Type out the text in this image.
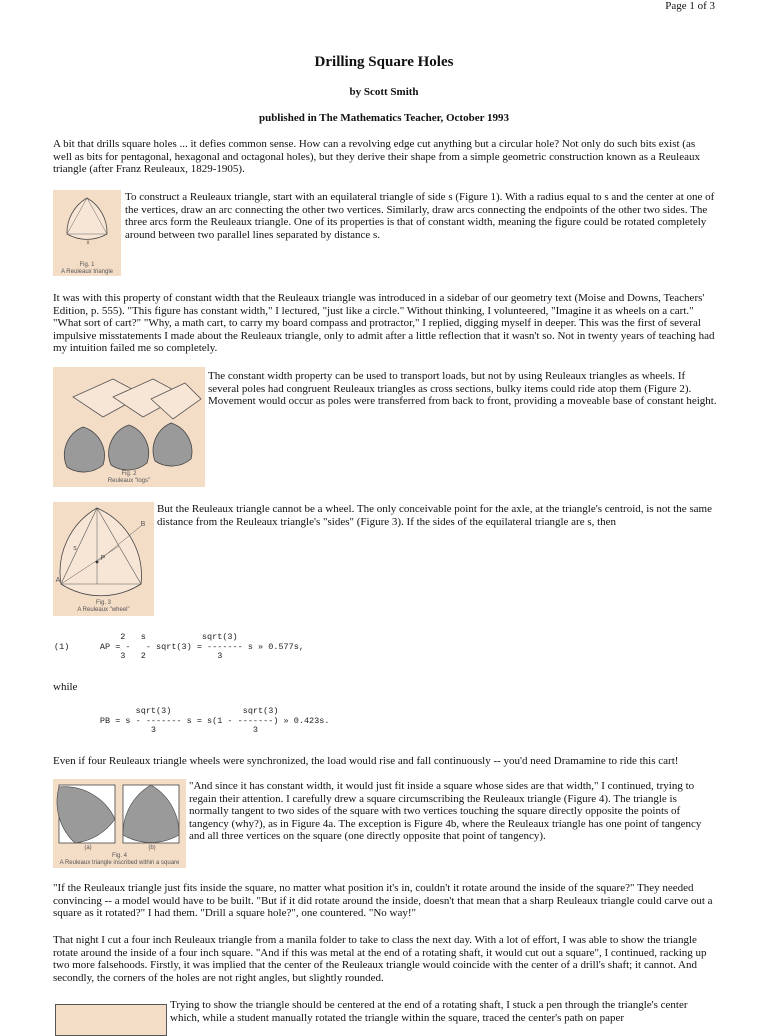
Page 1 of 3
Drilling Square Holes
by Scott Smith
published in The Mathematics Teacher, October 1993

A bit that drills square holes ... it defies common sense. How can a revolving edge cut anything but a circular hole? Not only do such bits exist (as well as bits for pentagonal, hexagonal and octagonal holes), but they derive their shape from a simple geometric construction known as a Reuleaux triangle (after Franz Reuleaux, 1829-1905).

x
Fig. 1
A Reuleaux triangle

To construct a Reuleaux triangle, start with an equilateral triangle of side s (Figure 1). With a radius equal to s and the center at one of the vertices, draw an arc connecting the other two vertices. Similarly, draw arcs connecting the endpoints of the other two sides. The three arcs form the Reuleaux triangle. One of its properties is that of constant width, meaning the figure could be rotated completely around between two parallel lines separated by distance s.

It was with this property of constant width that the Reuleaux triangle was introduced in a sidebar of our geometry text (Moise and Downs, Teachers' Edition, p. 555). "This figure has constant width," I lectured, "just like a circle." Without thinking, I volunteered, "Imagine it as wheels on a cart." "What sort of cart?" "Why, a math cart, to carry my board compass and protractor," I replied, digging myself in deeper. This was the first of several impulsive misstatements I made about the Reuleaux triangle, only to admit after a little reflection that it wasn't so. Not in twenty years of teaching had my intuition failed me so completely.

Fig. 2
Reuleaux "logs"

The constant width property can be used to transport loads, but not by using Reuleaux triangles as wheels. If several poles had congruent Reuleaux triangles as cross sections, bulky items could ride atop them (Figure 2). Movement would occur as poles were transferred from back to front, providing a moveable base of constant height.

A
B
P
s
Fig. 3
A Reuleaux "wheel"

But the Reuleaux triangle cannot be a wheel. The only conceivable point for the axle, at the triangle's centroid, is not the same distance from the Reuleaux triangle's "sides" (Figure 3). If the sides of the equilateral triangle are s, then

2   s           sqrt(3)
(1)      AP = -   - sqrt(3) = ------- s » 0.577s,
3   2              3

while

sqrt(3)              sqrt(3)
PB = s - ------- s = s(1 - -------) » 0.423s.
3                   3

Even if four Reuleaux triangle wheels were synchronized, the load would rise and fall continuously -- you'd need Dramamine to ride this cart!

(a)	(b)
Fig. 4
A Reuleaux triangle inscribed within a square

"And since it has constant width, it would just fit inside a square whose sides are that width," I continued, trying to regain their attention. I carefully drew a square circumscribing the Reuleaux triangle (Figure 4). The triangle is normally tangent to two sides of the square with two vertices touching the square directly opposite the points of tangency (why?), as in Figure 4a. The exception is Figure 4b, where the Reuleaux triangle has one point of tangency and all three vertices on the square (one directly opposite that point of tangency).

"If the Reuleaux triangle just fits inside the square, no matter what position it's in, couldn't it rotate around the inside of the square?" They needed convincing -- a model would have to be built. "But if it did rotate around the inside, doesn't that mean that a sharp Reuleaux triangle could carve out a square as it rotated?" I had them. "Drill a square hole?", one countered. "No way!"

That night I cut a four inch Reuleaux triangle from a manila folder to take to class the next day. With a lot of effort, I was able to show the triangle rotate around the inside of a four inch square. "And if this was metal at the end of a rotating shaft, it would cut out a square", I continued, racking up two more falsehoods. Firstly, it was implied that the center of the Reuleaux triangle would coincide with the center of a drill's shaft; it cannot. And secondly, the corners of the holes are not right angles, but slightly rounded.

Trying to show the triangle should be centered at the end of a rotating shaft, I stuck a pen through the triangle's center which, while a student manually rotated the triangle within the square, traced the center's path on paper
